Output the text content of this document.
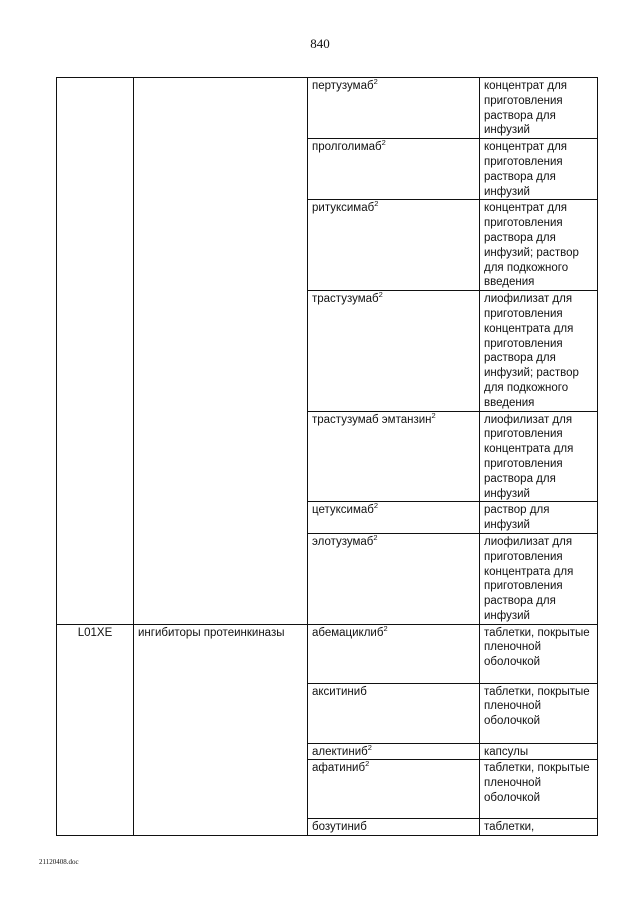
840
		пертузумаб$^2$	концентрат для приготовления раствора для инфузий
		пролголимаб$^2$	концентрат для приготовления раствора для инфузий
		ритуксимаб$^2$	концентрат для приготовления раствора для инфузий; раствор для подкожного введения
		трастузумаб$^2$	лиофилизат для приготовления концентрата для приготовления раствора для инфузий; раствор для подкожного введения
		трастузумаб эмтанзин$^2$	лиофилизат для приготовления концентрата для приготовления раствора для инфузий
		цетуксимаб$^2$	раствор для инфузий
		элотузумаб$^2$	лиофилизат для приготовления концентрата для приготовления раствора для инфузий
L01XE	ингибиторы протеинкиназы	абемациклиб$^2$	таблетки, покрытые пленочной оболочкой
		акситиниб	таблетки, покрытые пленочной оболочкой
		алектиниб$^2$	капсулы
		афатиниб$^2$	таблетки, покрытые пленочной оболочкой
		бозутиниб	таблетки,
21120408.doc
